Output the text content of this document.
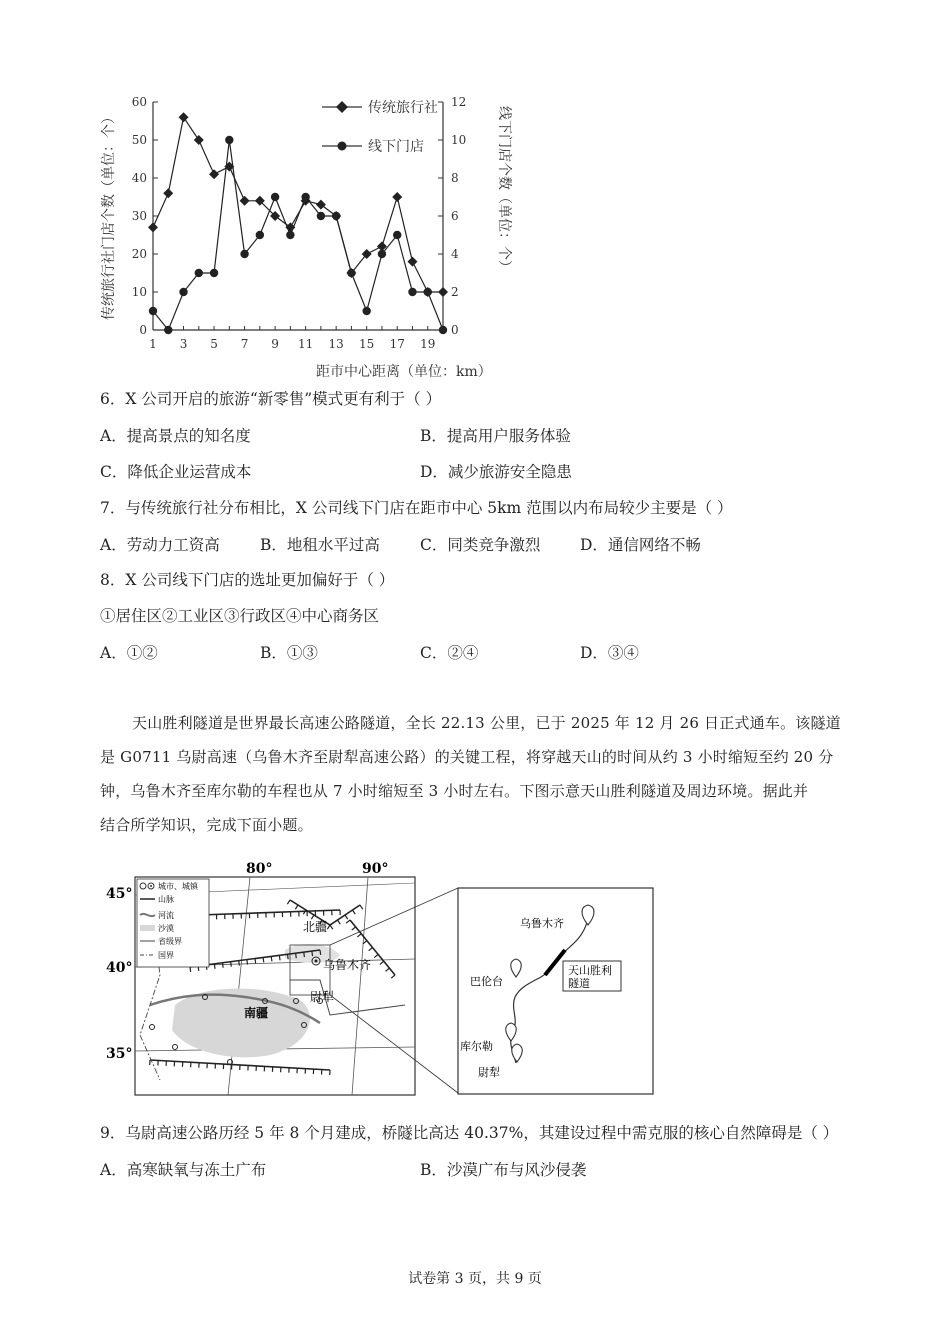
0
10
20
30
40
50
60
0
2
4
6
8
10
12
1 3 5 7 9 11 13 15 17 19
传统旅行社
线下门店
距市中心距离（单位：km）
传统旅行社门店个数（单位：个）	线下门店个数（单位：个）
6．X 公司开启的旅游“新零售”模式更有利于（ ）
A．提高景点的知名度	B．提高用户服务体验
C．降低企业运营成本	D．减少旅游安全隐患
7．与传统旅行社分布相比，X 公司线下门店在距市中心 5km 范围以内布局较少主要是（ ）
A．劳动力工资高	B．地租水平过高	C．同类竞争激烈	D．通信网络不畅
8．X 公司线下门店的选址更加偏好于（ ）
①居住区②工业区③行政区④中心商务区
A．①②	B．①③	C．②④	D．③④
天山胜利隧道是世界最长高速公路隧道，全长 22.13 公里，已于 2025 年 12 月 26 日正式通车。该隧道
是 G0711 乌尉高速（乌鲁木齐至尉犁高速公路）的关键工程，将穿越天山的时间从约 3 小时缩短至约 20 分
钟，乌鲁木齐至库尔勒的车程也从 7 小时缩短至 3 小时左右。下图示意天山胜利隧道及周边环境。据此并
结合所学知识，完成下面小题。
城市、城镇
山脉
河流
沙漠
省级界
国界
80°	90°
45°
40°
35°
北疆
南疆
乌鲁木齐
尉犁
乌鲁木齐
巴伦台
库尔勒
尉犁
天山胜利
隧道
9．乌尉高速公路历经 5 年 8 个月建成，桥隧比高达 40.37%，其建设过程中需克服的核心自然障碍是（ ）
A．高寒缺氧与冻土广布	B．沙漠广布与风沙侵袭
试卷第 3 页，共 9 页
